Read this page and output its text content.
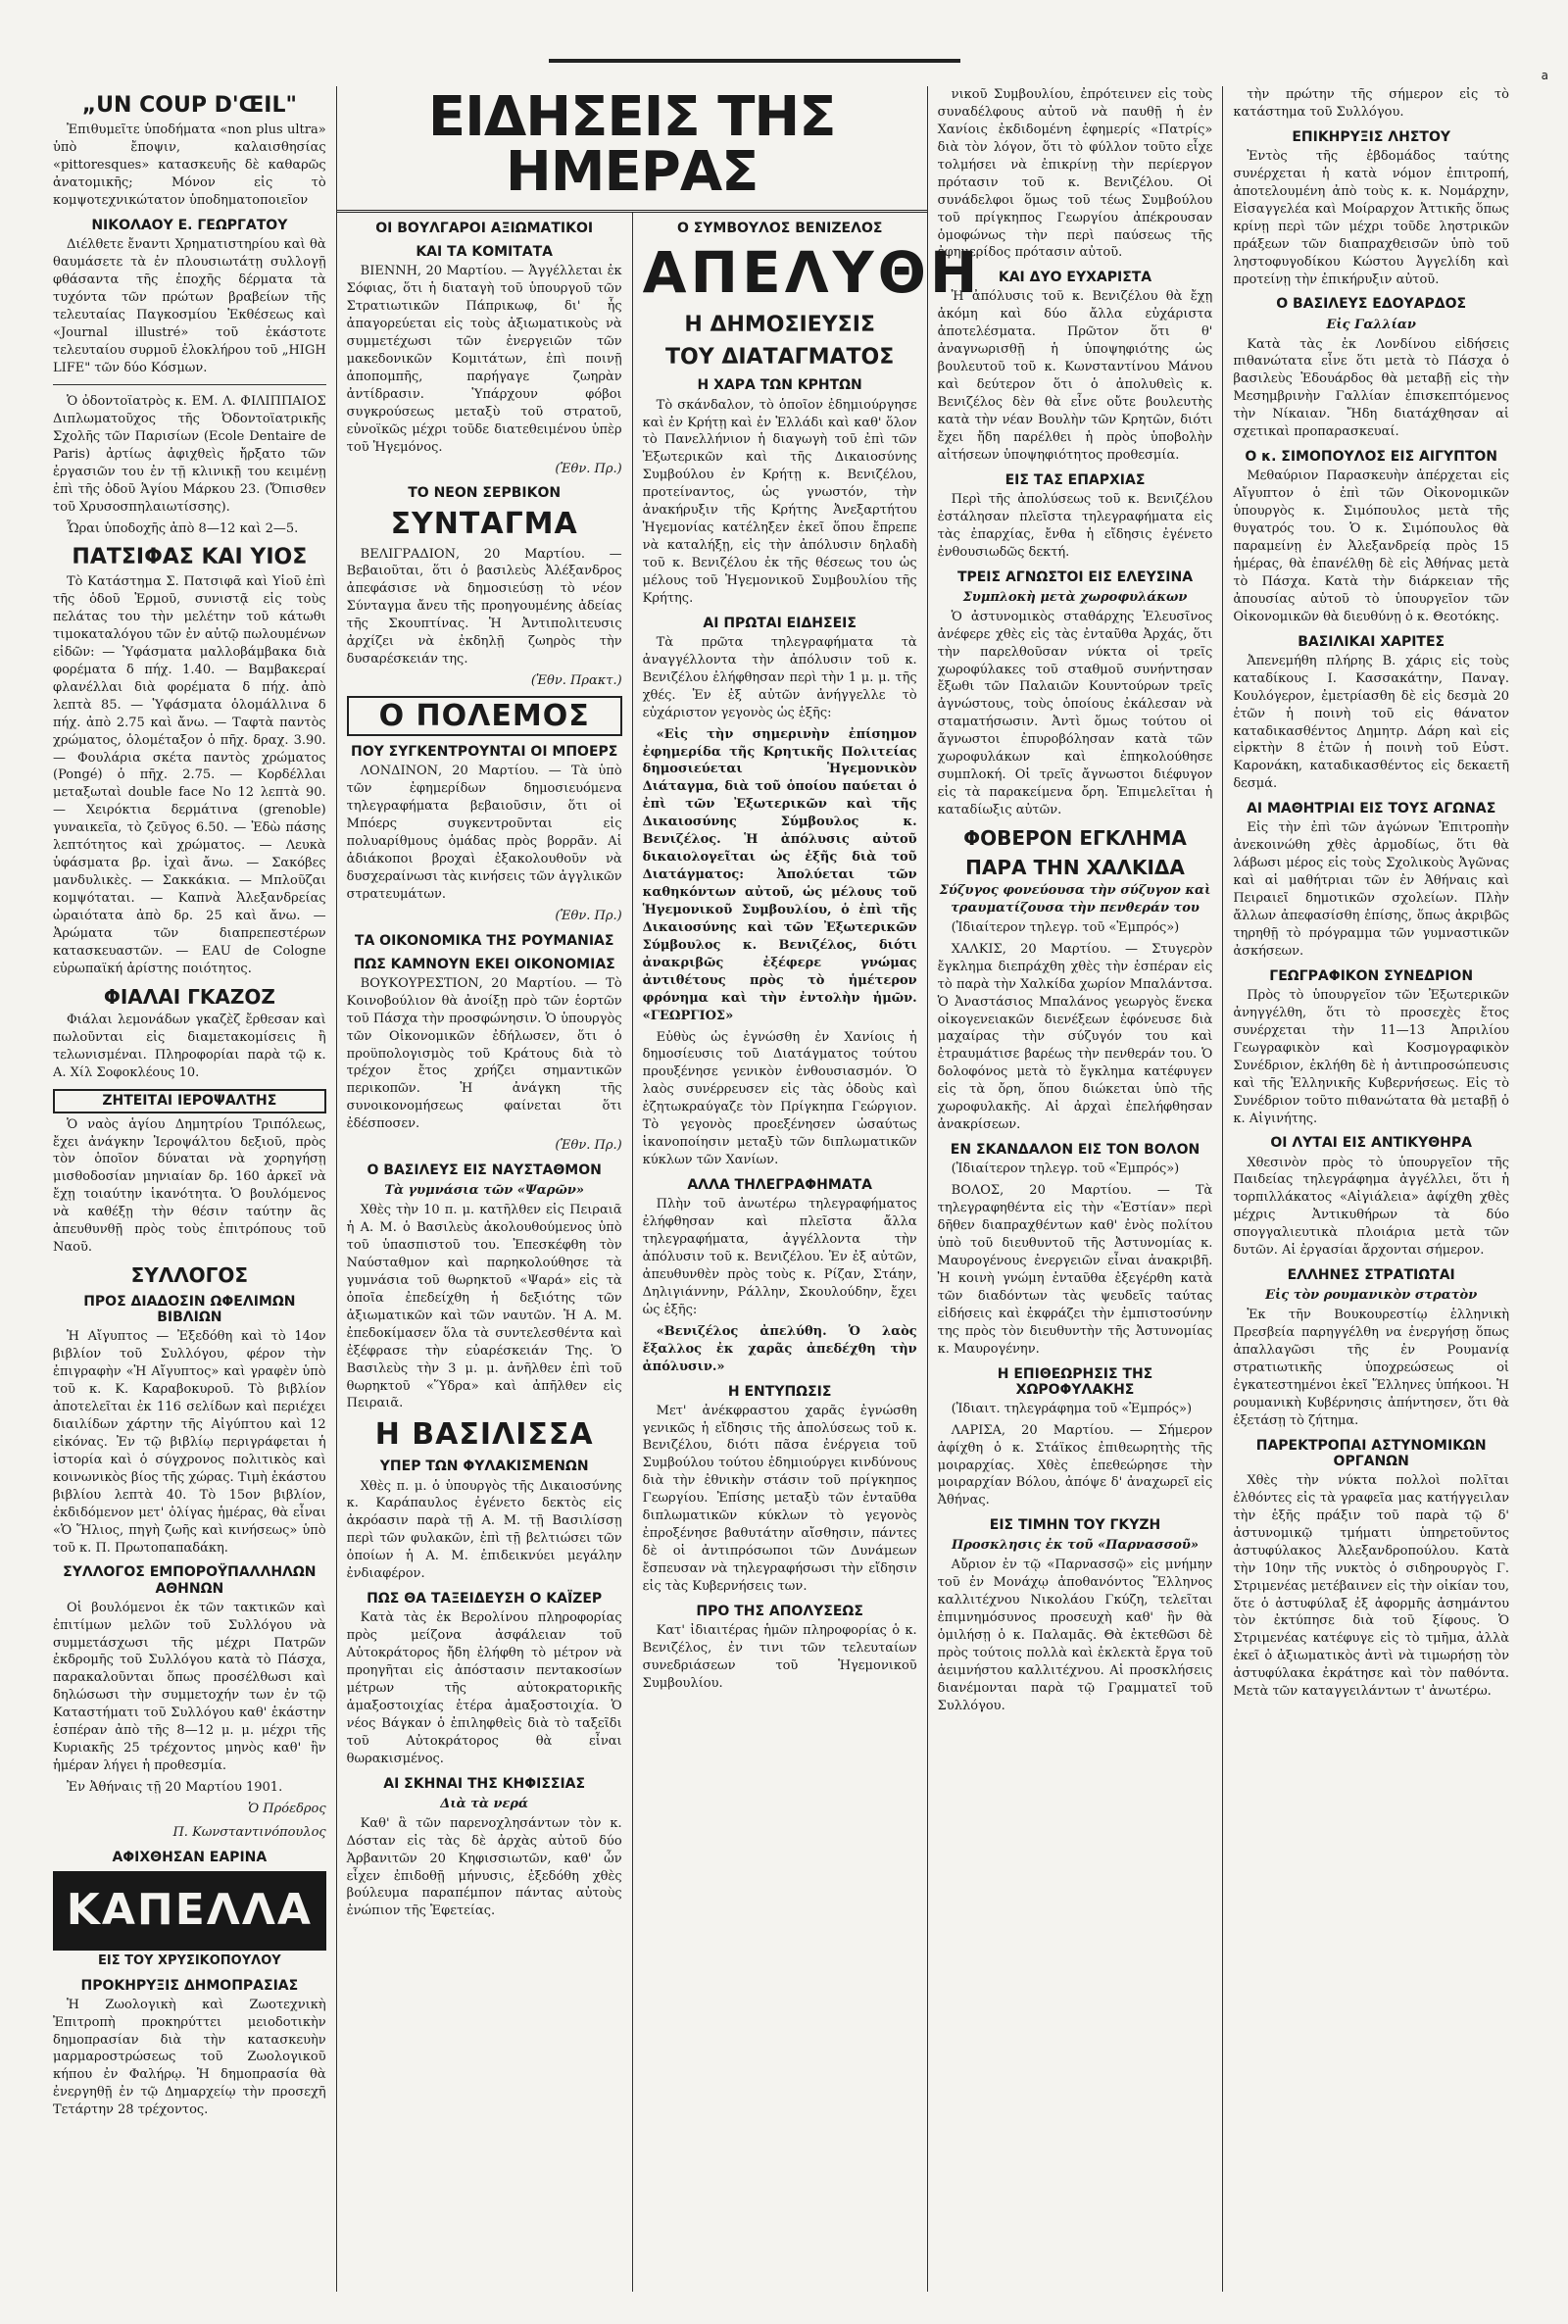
a
„UN COUP D'ŒIL"

Ἐπιθυμεῖτε ὑποδήματα «non plus ultra» ὑπὸ ἔποψιν, καλαισθησίας «pittoresques» κατασκευῆς δὲ καθαρῶς ἀνατομικῆς; Μόνον εἰς τὸ κομψοτεχνικώτατον ὑποδηματοποιεῖον

ΝΙΚΟΛΑΟΥ Ε. ΓΕΩΡΓΑΤΟΥ

Διέλθετε ἔναντι Χρηματιστηρίου καὶ θὰ θαυμάσετε τὰ ἐν πλουσιωτάτῃ συλλογῇ φθάσαντα τῆς ἐποχῆς δέρματα τὰ τυχόντα τῶν πρώτων βραβείων τῆς τελευταίας Παγκοσμίου Ἐκθέσεως καὶ «Journal illustré» τοῦ ἑκάστοτε τελευταίου συρμοῦ ἐλοκλήρου τοῦ „HIGH LIFE" τῶν δύο Κόσμων.

Ὁ ὀδοντοϊατρὸς κ. ΕΜ. Λ. ΦΙΛΙΠΠΑΙΟΣ Διπλωματοῦχος τῆς Ὀδοντοϊατρικῆς Σχολῆς τῶν Παρισίων (Ecole Dentaire de Paris) ἀρτίως ἀφιχθεὶς ἤρξατο τῶν ἐργασιῶν του ἐν τῇ κλινικῇ του κειμένῃ ἐπὶ τῆς ὁδοῦ Ἁγίου Μάρκου 23. (Ὄπισθεν τοῦ Χρυσοσπηλαιωτίσσης).

Ὧραι ὑποδοχῆς ἀπὸ 8—12 καὶ 2—5.

ΠΑΤΣΙΦΑΣ ΚΑΙ ΥΙΟΣ

Τὸ Κατάστημα Σ. Πατσιφᾶ καὶ Υἱοῦ ἐπὶ τῆς ὁδοῦ Ἑρμοῦ, συνιστᾷ εἰς τοὺς πελάτας του τὴν μελέτην τοῦ κάτωθι τιμοκαταλόγου τῶν ἐν αὐτῷ πωλουμένων εἰδῶν: — Ὑφάσματα μαλλοβάμβακα διὰ φορέματα δ πήχ. 1.40. — Βαμβακεραί φλανέλλαι διὰ φορέματα δ πήχ. ἀπὸ λεπτὰ 85. — Ὑφάσματα ὁλομάλλινα δ πήχ. ἀπὸ 2.75 καὶ ἄνω. — Ταφτὰ παντὸς χρώματος, ὁλομέταξον ὁ πῆχ. δραχ. 3.90. — Φουλάρια σκέτα παντὸς χρώματος (Pongé) ὁ πῆχ. 2.75. — Κορδέλλαι μεταξωταὶ double face No 12 λεπτὰ 90. — Χειρόκτια δερμάτινα (grenoble) γυναικεῖα, τὸ ζεῦγος 6.50. — Ἐδὼ πάσης λεπτότητος καὶ χρώματος. — Λευκὰ ὑφάσματα βρ. ἰχαὶ ἄνω. — Σακόβες μανδυλικὲς. — Σακκάκια. — Μπλοῦζαι κομψόταται. — Καπνὰ Ἀλεξανδρείας ὠραιότατα ἀπὸ δρ. 25 καὶ ἄνω. — Ἀρώματα τῶν διαπρεπεστέρων κατασκευαστῶν. — EAU de Cologne εὐρωπαϊκή ἀρίστης ποιότητος.

ΦΙΑΛΑΙ ΓΚΑΖΟΖ

Φιάλαι λεμονάδων γκαζὲζ ἔρθεσαν καὶ πωλοῦνται εἰς διαμετακομίσεις ἢ τελωνισμέναι. Πληροφορίαι παρὰ τῷ κ. Α. Χίλ Σοφοκλέους 10.

ΖΗΤΕΙΤΑΙ ΙΕΡΟΨΑΛΤΗΣ

Ὁ ναὸς ἁγίου Δημητρίου Τριπόλεως, ἔχει ἀνάγκην Ἱεροψάλτου δεξιοῦ, πρὸς τὸν ὁποῖον δύναται νὰ χορηγήσῃ μισθοδοσίαν μηνιαίαν δρ. 160 ἀρκεῖ νὰ ἔχῃ τοιαύτην ἱκανότητα. Ὁ βουλόμενος νὰ καθέξῃ τὴν θέσιν ταύτην ἂς ἀπευθυνθῇ πρὸς τοὺς ἐπιτρόπους τοῦ Ναοῦ.

ΣΥΛΛΟΓΟΣ
ΠΡΟΣ ΔΙΑΔΟΣΙΝ ΩΦΕΛΙΜΩΝ ΒΙΒΛΙΩΝ

Ἡ Αἴγυπτος — Ἐξεδόθη καὶ τὸ 14ον βιβλίον τοῦ Συλλόγου, φέρον τὴν ἐπιγραφὴν «Ἡ Αἴγυπτος» καὶ γραφὲν ὑπὸ τοῦ κ. Κ. Καραβοκυροῦ. Τὸ βιβλίον ἀποτελεῖται ἐκ 116 σελίδων καὶ περιέχει διαιλίδων χάρτην τῆς Αἰγύπτου καὶ 12 εἰκόνας. Ἐν τῷ βιβλίῳ περιγράφεται ἡ ἱστορία καὶ ὁ σύγχρονος πολιτικὸς καὶ κοινωνικὸς βίος τῆς χώρας. Τιμὴ ἑκάστου βιβλίου λεπτὰ 40. Τὸ 15ον βιβλίον, ἐκδιδόμενον μετ' ὀλίγας ἡμέρας, θὰ εἶναι «Ὁ Ἥλιος, πηγὴ ζωῆς καὶ κινήσεως» ὑπὸ τοῦ κ. Π. Πρωτοπαπαδάκη.

ΣΥΛΛΟΓΟΣ ΕΜΠΟΡΟΫΠΑΛΛΗΛΩΝ ΑΘΗΝΩΝ

Οἱ βουλόμενοι ἐκ τῶν τακτικῶν καὶ ἐπιτίμων μελῶν τοῦ Συλλόγου νὰ συμμετάσχωσι τῆς μέχρι Πατρῶν ἐκδρομῆς τοῦ Συλλόγου κατὰ τὸ Πάσχα, παρακαλοῦνται ὅπως προσέλθωσι καὶ δηλώσωσι τὴν συμμετοχήν των ἐν τῷ Καταστήματι τοῦ Συλλόγου καθ' ἑκάστην ἑσπέραν ἀπὸ τῆς 8—12 μ. μ. μέχρι τῆς Κυριακῆς 25 τρέχοντος μηνὸς καθ' ἣν ἡμέραν λήγει ἡ προθεσμία.

Ἐν Ἀθήναις τῇ 20 Μαρτίου 1901.

Ὁ Πρόεδρος
Π. Κωνσταντινόπουλος
ΑΦΙΧΘΗΣΑΝ ΕΑΡΙΝΑ
ΚΑΠΕΛΛΑ
ΕΙΣ ΤΟΥ ΧΡΥΣΙΚΟΠΟΥΛΟΥ
ΠΡΟΚΗΡΥΞΙΣ ΔΗΜΟΠΡΑΣΙΑΣ

Ἡ Ζωολογικὴ καὶ Ζωοτεχνικὴ Ἐπιτροπὴ προκηρύττει μειοδοτικὴν δημοπρασίαν διὰ τὴν κατασκευὴν μαρμαροστρώσεως τοῦ Ζωολογικοῦ κήπου ἐν Φαλήρῳ. Ἡ δημοπρασία θὰ ἐνεργηθῇ ἐν τῷ Δημαρχείῳ τὴν προσεχῆ Τετάρτην 28 τρέχοντος.

ΕΙΔΗΣΕΙΣ ΤΗΣ ΗΜΕΡΑΣ
ΟΙ ΒΟΥΛΓΑΡΟΙ ΑΞΙΩΜΑΤΙΚΟΙ
ΚΑΙ ΤΑ ΚΟΜΙΤΑΤΑ

ΒΙΕΝΝΗ, 20 Μαρτίου. — Ἀγγέλλεται ἐκ Σόφιας, ὅτι ἡ διαταγὴ τοῦ ὑπουργοῦ τῶν Στρατιωτικῶν Πάπρικωφ, δι' ἧς ἀπαγορεύεται εἰς τοὺς ἀξιωματικοὺς νὰ συμμετέχωσι τῶν ἐνεργειῶν τῶν μακεδονικῶν Κομιτάτων, ἐπὶ ποινῇ ἀποπομπῆς, παρήγαγε ζωηρὰν ἀντίδρασιν. Ὑπάρχουν φόβοι συγκρούσεως μεταξὺ τοῦ στρατοῦ, εὐνοϊκῶς μέχρι τοῦδε διατεθειμένου ὑπὲρ τοῦ Ἡγεμόνος.

(Ἐθν. Πρ.)
ΤΟ ΝΕΟΝ ΣΕΡΒΙΚΟΝ
ΣΥΝΤΑΓΜΑ

ΒΕΛΙΓΡΑΔΙΟΝ, 20 Μαρτίου. — Βεβαιοῦται, ὅτι ὁ βασιλεὺς Ἀλέξανδρος ἀπεφάσισε νὰ δημοσιεύσῃ τὸ νέον Σύνταγμα ἄνευ τῆς προηγουμένης ἀδείας τῆς Σκουπτίνας. Ἡ Ἀντιπολιτευσις ἀρχίζει νὰ ἐκδηλῇ ζωηρὸς τὴν δυσαρέσκειάν της.

(Ἐθν. Πρακτ.)
Ο ΠΟΛΕΜΟΣ
ΠΟΥ ΣΥΓΚΕΝΤΡΟΥΝΤΑΙ ΟΙ ΜΠΟΕΡΣ

ΛΟΝΔΙΝΟΝ, 20 Μαρτίου. — Τὰ ὑπὸ τῶν ἐφημερίδων δημοσιευόμενα τηλεγραφήματα βεβαιοῦσιν, ὅτι οἱ Μπόερς συγκεντροῦνται εἰς πολυαρίθμους ὁμάδας πρὸς βορρᾶν. Αἱ ἀδιάκοποι βροχαὶ ἐξακολουθοῦν νὰ δυσχεραίνωσι τὰς κινήσεις τῶν ἀγγλικῶν στρατευμάτων.

(Ἐθν. Πρ.)
ΤΑ ΟΙΚΟΝΟΜΙΚΑ ΤΗΣ ΡΟΥΜΑΝΙΑΣ
ΠΩΣ ΚΑΜΝΟΥΝ ΕΚΕΙ ΟΙΚΟΝΟΜΙΑΣ

ΒΟΥΚΟΥΡΕΣΤΙΟΝ, 20 Μαρτίου. — Τὸ Κοινοβούλιον θὰ ἀνοίξῃ πρὸ τῶν ἑορτῶν τοῦ Πάσχα τὴν προσφώνησιν. Ὁ ὑπουργὸς τῶν Οἰκονομικῶν ἐδήλωσεν, ὅτι ὁ προϋπολογισμὸς τοῦ Κράτους διὰ τὸ τρέχον ἔτος χρήζει σημαντικῶν περικοπῶν. Ἡ ἀνάγκη τῆς συνοικονομήσεως φαίνεται ὅτι ἐδέσποσεν.

(Ἐθν. Πρ.)
Ο ΒΑΣΙΛΕΥΣ ΕΙΣ ΝΑΥΣΤΑΘΜΟΝ
Τὰ γυμνάσια τῶν «Ψαρῶν»

Χθὲς τὴν 10 π. μ. κατῆλθεν εἰς Πειραιᾶ ἡ Α. Μ. ὁ Βασιλεὺς ἀκολουθούμενος ὑπὸ τοῦ ὑπασπιστοῦ του. Ἐπεσκέφθη τὸν Ναύσταθμον καὶ παρηκολούθησε τὰ γυμνάσια τοῦ θωρηκτοῦ «Ψαρά» εἰς τὰ ὁποῖα ἐπεδείχθη ἡ δεξιότης τῶν ἀξιωματικῶν καὶ τῶν ναυτῶν. Ἡ Α. Μ. ἐπεδοκίμασεν ὅλα τὰ συντελεσθέντα καὶ ἐξέφρασε τὴν εὐαρέσκειάν Της. Ὁ Βασιλεὺς τὴν 3 μ. μ. ἀνῆλθεν ἐπὶ τοῦ θωρηκτοῦ «Ὕδρα» καὶ ἀπῆλθεν εἰς Πειραιᾶ.

Η ΒΑΣΙΛΙΣΣΑ
ΥΠΕΡ ΤΩΝ ΦΥΛΑΚΙΣΜΕΝΩΝ

Χθὲς π. μ. ὁ ὑπουργὸς τῆς Δικαιοσύνης κ. Καράπαυλος ἐγένετο δεκτὸς εἰς ἀκρόασιν παρὰ τῇ Α. Μ. τῇ Βασιλίσσῃ περὶ τῶν φυλακῶν, ἐπὶ τῇ βελτιώσει τῶν ὁποίων ἡ Α. Μ. ἐπιδεικνύει μεγάλην ἐνδιαφέρον.

ΠΩΣ ΘΑ ΤΑΞΕΙΔΕΥΣΗ Ο ΚΑΪΖΕΡ

Κατὰ τὰς ἐκ Βερολίνου πληροφορίας πρὸς μείζονα ἀσφάλειαν τοῦ Αὐτοκράτορος ἤδη ἐλήφθη τὸ μέτρον νὰ προηγῆται εἰς ἀπόστασιν πεντακοσίων μέτρων τῆς αὐτοκρατορικῆς ἁμαξοστοιχίας ἑτέρα ἁμαξοστοιχία. Ὁ νέος Βάγκαν ὁ ἐπιληφθεὶς διὰ τὸ ταξεῖδι τοῦ Αὐτοκράτορος θὰ εἶναι θωρακισμένος.

ΑΙ ΣΚΗΝΑΙ ΤΗΣ ΚΗΦΙΣΣΙΑΣ
Διὰ τὰ νερά

Καθ' ἃ τῶν παρενοχλησάντων τὸν κ. Δόσταν εἰς τὰς δὲ ἀρχὰς αὐτοῦ δύο Ἀρβανιτῶν 20 Κηφισσιωτῶν, καθ' ὧν εἶχεν ἐπιδοθῇ μήνυσις, ἐξεδόθη χθὲς βούλευμα παραπέμπον πάντας αὐτοὺς ἐνώπιον τῆς Ἐφετείας.

Ο ΣΥΜΒΟΥΛΟΣ ΒΕΝΙΖΕΛΟΣ
ΑΠΕΛΥΘΗ
Η ΔΗΜΟΣΙΕΥΣΙΣ
ΤΟΥ ΔΙΑΤΑΓΜΑΤΟΣ
Η ΧΑΡΑ ΤΩΝ ΚΡΗΤΩΝ

Τὸ σκάνδαλον, τὸ ὁποῖον ἐδημιούργησε καὶ ἐν Κρήτῃ καὶ ἐν Ἑλλάδι καὶ καθ' ὅλον τὸ Πανελλήνιον ἡ διαγωγὴ τοῦ ἐπὶ τῶν Ἐξωτερικῶν καὶ τῆς Δικαιοσύνης Συμβούλου ἐν Κρήτῃ κ. Βενιζέλου, προτείναντος, ὡς γνωστόν, τὴν ἀνακήρυξιν τῆς Κρήτης Ἀνεξαρτήτου Ἡγεμονίας κατέληξεν ἐκεῖ ὅπου ἔπρεπε νὰ καταλήξῃ, εἰς τὴν ἀπόλυσιν δηλαδὴ τοῦ κ. Βενιζέλου ἐκ τῆς θέσεως του ὡς μέλους τοῦ Ἡγεμονικοῦ Συμβουλίου τῆς Κρήτης.

ΑΙ ΠΡΩΤΑΙ ΕΙΔΗΣΕΙΣ

Τὰ πρῶτα τηλεγραφήματα τὰ ἀναγγέλλοντα τὴν ἀπόλυσιν τοῦ κ. Βενιζέλου ἐλήφθησαν περὶ τὴν 1 μ. μ. τῆς χθές. Ἐν ἐξ αὐτῶν ἀνήγγελλε τὸ εὐχάριστον γεγονὸς ὡς ἑξῆς:

«Εἰς τὴν σημερινὴν ἐπίσημον ἐφημερίδα τῆς Κρητικῆς Πολιτείας δημοσιεύεται Ἡγεμονικὸν Διάταγμα, διὰ τοῦ ὁποίου παύεται ὁ ἐπὶ τῶν Ἐξωτερικῶν καὶ τῆς Δικαιοσύνης Σύμβουλος κ. Βενιζέλος. Ἡ ἀπόλυσις αὐτοῦ δικαιολογεῖται ὡς ἑξῆς διὰ τοῦ Διατάγματος: Ἀπολύεται τῶν καθηκόντων αὐτοῦ, ὡς μέλους τοῦ Ἡγεμονικοῦ Συμβουλίου, ὁ ἐπὶ τῆς Δικαιοσύνης καὶ τῶν Ἐξωτερικῶν Σύμβουλος κ. Βενιζέλος, διότι ἀνακριβῶς ἐξέφερε γνώμας ἀντιθέτους πρὸς τὸ ἡμέτερον φρόνημα καὶ τὴν ἐντολὴν ἡμῶν. «ΓΕΩΡΓΙΟΣ»

Εὐθὺς ὡς ἐγνώσθη ἐν Χανίοις ἡ δημοσίευσις τοῦ Διατάγματος τούτου προυξένησε γενικὸν ἐνθουσιασμόν. Ὁ λαὸς συνέρρευσεν εἰς τὰς ὁδοὺς καὶ ἐζητωκραύγαζε τὸν Πρίγκηπα Γεώργιον. Τὸ γεγονὸς προεξένησεν ὡσαύτως ἱκανοποίησιν μεταξὺ τῶν διπλωματικῶν κύκλων τῶν Χανίων.

ΑΛΛΑ ΤΗΛΕΓΡΑΦΗΜΑΤΑ

Πλὴν τοῦ ἀνωτέρω τηλεγραφήματος ἐλήφθησαν καὶ πλεῖστα ἄλλα τηλεγραφήματα, ἀγγέλλοντα τὴν ἀπόλυσιν τοῦ κ. Βενιζέλου. Ἐν ἐξ αὐτῶν, ἀπευθυνθὲν πρὸς τοὺς κ. Ρίζαν, Στάην, Δηλιγιάννην, Ράλλην, Σκουλούδην, ἔχει ὡς ἑξῆς:

«Βενιζέλος ἀπελύθη. Ὁ λαὸς ἔξαλλος ἐκ χαρᾶς ἀπεδέχθη τὴν ἀπόλυσιν.»

Η ΕΝΤΥΠΩΣΙΣ

Μετ' ἀνέκφραστου χαρᾶς ἐγνώσθη γενικῶς ἡ εἴδησις τῆς ἀπολύσεως τοῦ κ. Βενιζέλου, διότι πᾶσα ἐνέργεια τοῦ Συμβούλου τούτου ἐδημιούργει κινδύνους διὰ τὴν ἐθνικὴν στάσιν τοῦ πρίγκηπος Γεωργίου. Ἐπίσης μεταξὺ τῶν ἐνταῦθα διπλωματικῶν κύκλων τὸ γεγονὸς ἐπροξένησε βαθυτάτην αἴσθησιν, πάντες δὲ οἱ ἀντιπρόσωποι τῶν Δυνάμεων ἔσπευσαν νὰ τηλεγραφήσωσι τὴν εἴδησιν εἰς τὰς Κυβερνήσεις των.

ΠΡΟ ΤΗΣ ΑΠΟΛΥΣΕΩΣ

Κατ' ἰδιαιτέρας ἡμῶν πληροφορίας ὁ κ. Βενιζέλος, ἐν τινι τῶν τελευταίων συνεδριάσεων τοῦ Ἡγεμονικοῦ Συμβουλίου.

νικοῦ Συμβουλίου, ἐπρότεινεν εἰς τοὺς συναδέλφους αὐτοῦ νὰ παυθῇ ἡ ἐν Χανίοις ἐκδιδομένη ἐφημερίς «Πατρίς» διὰ τὸν λόγον, ὅτι τὸ φύλλον τοῦτο εἶχε τολμήσει νὰ ἐπικρίνῃ τὴν περίεργον πρότασιν τοῦ κ. Βενιζέλου. Οἱ συνάδελφοι ὅμως τοῦ τέως Συμβούλου τοῦ πρίγκηπος Γεωργίου ἀπέκρουσαν ὁμοφώνως τὴν περὶ παύσεως τῆς ἐφημερίδος πρότασιν αὐτοῦ.

ΚΑΙ ΔΥΟ ΕΥΧΑΡΙΣΤΑ

Ἡ ἀπόλυσις τοῦ κ. Βενιζέλου θὰ ἔχῃ ἀκόμη καὶ δύο ἄλλα εὐχάριστα ἀποτελέσματα. Πρῶτον ὅτι θ' ἀναγνωρισθῇ ἡ ὑποψηφιότης ὡς βουλευτοῦ τοῦ κ. Κωνσταντίνου Μάνου καὶ δεύτερον ὅτι ὁ ἀπολυθεὶς κ. Βενιζέλος δὲν θὰ εἶνε οὔτε βουλευτὴς κατὰ τὴν νέαν Βουλὴν τῶν Κρητῶν, διότι ἔχει ἤδη παρέλθει ἡ πρὸς ὑποβολὴν αἰτήσεων ὑποψηφιότητος προθεσμία.

ΕΙΣ ΤΑΣ ΕΠΑΡΧΙΑΣ

Περὶ τῆς ἀπολύσεως τοῦ κ. Βενιζέλου ἐστάλησαν πλεῖστα τηλεγραφήματα εἰς τὰς ἐπαρχίας, ἔνθα ἡ εἴδησις ἐγένετο ἐνθουσιωδῶς δεκτή.

ΤΡΕΙΣ ΑΓΝΩΣΤΟΙ ΕΙΣ ΕΛΕΥΣΙΝΑ
Συμπλοκὴ μετὰ χωροφυλάκων

Ὁ ἀστυνομικὸς σταθάρχης Ἐλευσῖνος ἀνέφερε χθὲς εἰς τὰς ἐνταῦθα Ἀρχάς, ὅτι τὴν παρελθοῦσαν νύκτα οἱ τρεῖς χωροφύλακες τοῦ σταθμοῦ συνήντησαν ἔξωθι τῶν Παλαιῶν Κουντούρων τρεῖς ἀγνώστους, τοὺς ὁποίους ἐκάλεσαν νὰ σταματήσωσιν. Ἀντὶ ὅμως τούτου οἱ ἄγνωστοι ἐπυροβόλησαν κατὰ τῶν χωροφυλάκων καὶ ἐπηκολούθησε συμπλοκή. Οἱ τρεῖς ἄγνωστοι διέφυγον εἰς τὰ παρακείμενα ὄρη. Ἐπιμελεῖται ἡ καταδίωξις αὐτῶν.

ΦΟΒΕΡΟΝ ΕΓΚΛΗΜΑ
ΠΑΡΑ ΤΗΝ ΧΑΛΚΙΔΑ
Σύζυγος φονεύουσα τὴν σύζυγον καὶ τραυματίζουσα τὴν πενθεράν του

(Ἰδιαίτερον τηλεγρ. τοῦ «Ἐμπρός»)

ΧΑΛΚΙΣ, 20 Μαρτίου. — Στυγερὸν ἔγκλημα διεπράχθη χθὲς τὴν ἑσπέραν εἰς τὸ παρὰ τὴν Χαλκίδα χωρίον Μπαλάντσα. Ὁ Ἀναστάσιος Μπαλάνος γεωργὸς ἕνεκα οἰκογενειακῶν διενέξεων ἐφόνευσε διὰ μαχαίρας τὴν σύζυγόν του καὶ ἐτραυμάτισε βαρέως τὴν πενθεράν του. Ὁ δολοφόνος μετὰ τὸ ἔγκλημα κατέφυγεν εἰς τὰ ὄρη, ὅπου διώκεται ὑπὸ τῆς χωροφυλακῆς. Αἱ ἀρχαὶ ἐπελήφθησαν ἀνακρίσεων.

ΕΝ ΣΚΑΝΔΑΛΟΝ ΕΙΣ ΤΟΝ ΒΟΛΟΝ

(Ἰδιαίτερον τηλεγρ. τοῦ «Ἐμπρός»)

ΒΟΛΟΣ, 20 Μαρτίου. — Τὰ τηλεγραφηθέντα εἰς τὴν «Ἑστίαν» περὶ δῆθεν διαπραχθέντων καθ' ἐνὸς πολίτου ὑπὸ τοῦ διευθυντοῦ τῆς Ἀστυνομίας κ. Μαυρογένους ἐνεργειῶν εἶναι ἀνακριβῆ. Ἡ κοινὴ γνώμη ἐνταῦθα ἐξεγέρθη κατὰ τῶν διαδόντων τὰς ψευδεῖς ταύτας εἰδήσεις καὶ ἐκφράζει τὴν ἐμπιστοσύνην της πρὸς τὸν διευθυντὴν τῆς Ἀστυνομίας κ. Μαυρογένην.

Η ΕΠΙΘΕΩΡΗΣΙΣ ΤΗΣ ΧΩΡΟΦΥΛΑΚΗΣ

(Ἰδιαιτ. τηλεγράφημα τοῦ «Ἐμπρός»)

ΛΑΡΙΣΑ, 20 Μαρτίου. — Σήμερον ἀφίχθη ὁ κ. Στάϊκος ἐπιθεωρητὴς τῆς μοιραρχίας. Χθὲς ἐπεθεώρησε τὴν μοιραρχίαν Βόλου, ἀπόψε δ' ἀναχωρεῖ εἰς Ἀθήνας.

ΕΙΣ ΤΙΜΗΝ ΤΟΥ ΓΚΥΖΗ
Προσκλησις ἐκ τοῦ «Παρνασσοῦ»

Αὔριον ἐν τῷ «Παρνασσῷ» εἰς μνήμην τοῦ ἐν Μονάχῳ ἀποθανόντος Ἕλληνος καλλιτέχνου Νικολάου Γκύζη, τελεῖται ἐπιμνημόσυνος προσευχὴ καθ' ἣν θὰ ὁμιλήσῃ ὁ κ. Παλαμᾶς. Θὰ ἐκτεθῶσι δὲ πρὸς τούτοις πολλὰ καὶ ἐκλεκτὰ ἔργα τοῦ ἀειμνήστου καλλιτέχνου. Αἱ προσκλήσεις διανέμονται παρὰ τῷ Γραμματεῖ τοῦ Συλλόγου.

τὴν πρώτην τῆς σήμερον εἰς τὸ κατάστημα τοῦ Συλλόγου.

ΕΠΙΚΗΡΥΞΙΣ ΛΗΣΤΟΥ

Ἐντὸς τῆς ἑβδομάδος ταύτης συνέρχεται ἡ κατὰ νόμον ἐπιτροπή, ἀποτελουμένη ἀπὸ τοὺς κ. κ. Νομάρχην, Εἰσαγγελέα καὶ Μοίραρχον Ἀττικῆς ὅπως κρίνῃ περὶ τῶν μέχρι τοῦδε ληστρικῶν πράξεων τῶν διαπραχθεισῶν ὑπὸ τοῦ ληστοφυγοδίκου Κώστου Ἀγγελίδη καὶ προτείνῃ τὴν ἐπικήρυξιν αὐτοῦ.

Ο ΒΑΣΙΛΕΥΣ ΕΔΟΥΑΡΔΟΣ
Εἰς Γαλλίαν

Κατὰ τὰς ἐκ Λονδίνου εἰδήσεις πιθανώτατα εἶνε ὅτι μετὰ τὸ Πάσχα ὁ βασιλεὺς Ἐδουάρδος θὰ μεταβῇ εἰς τὴν Μεσημβρινὴν Γαλλίαν ἐπισκεπτόμενος τὴν Νίκαιαν. Ἤδη διατάχθησαν αἱ σχετικαὶ προπαρασκευαί.

Ο κ. ΣΙΜΟΠΟΥΛΟΣ ΕΙΣ ΑΙΓΥΠΤΟΝ

Μεθαύριον Παρασκευὴν ἀπέρχεται εἰς Αἴγυπτον ὁ ἐπὶ τῶν Οἰκονομικῶν ὑπουργὸς κ. Σιμόπουλος μετὰ τῆς θυγατρός του. Ὁ κ. Σιμόπουλος θὰ παραμείνῃ ἐν Ἀλεξανδρείᾳ πρὸς 15 ἡμέρας, θὰ ἐπανέλθῃ δὲ εἰς Ἀθήνας μετὰ τὸ Πάσχα. Κατὰ τὴν διάρκειαν τῆς ἀπουσίας αὐτοῦ τὸ ὑπουργεῖον τῶν Οἰκονομικῶν θὰ διευθύνῃ ὁ κ. Θεοτόκης.

ΒΑΣΙΛΙΚΑΙ ΧΑΡΙΤΕΣ

Ἀπενεμήθη πλήρης Β. χάρις εἰς τοὺς καταδίκους Ι. Κασσακάτην, Παναγ. Κουλόγερον, ἐμετρίασθη δὲ εἰς δεσμὰ 20 ἐτῶν ἡ ποινὴ τοῦ εἰς θάνατον καταδικασθέντος Δημητρ. Δάρη καὶ εἰς εἱρκτὴν 8 ἐτῶν ἡ ποινὴ τοῦ Εὐστ. Καρονάκη, καταδικασθέντος εἰς δεκαετῆ δεσμά.

ΑΙ ΜΑΘΗΤΡΙΑΙ ΕΙΣ ΤΟΥΣ ΑΓΩΝΑΣ

Εἰς τὴν ἐπὶ τῶν ἀγώνων Ἐπιτροπὴν ἀνεκοινώθη χθὲς ἀρμοδίως, ὅτι θὰ λάβωσι μέρος εἰς τοὺς Σχολικοὺς Ἀγῶνας καὶ αἱ μαθήτριαι τῶν ἐν Ἀθήναις καὶ Πειραιεῖ δημοτικῶν σχολείων. Πλὴν ἄλλων ἀπεφασίσθη ἐπίσης, ὅπως ἀκριβῶς τηρηθῇ τὸ πρόγραμμα τῶν γυμναστικῶν ἀσκήσεων.

ΓΕΩΓΡΑΦΙΚΟΝ ΣΥΝΕΔΡΙΟΝ

Πρὸς τὸ ὑπουργεῖον τῶν Ἐξωτερικῶν ἀνηγγέλθη, ὅτι τὸ προσεχὲς ἔτος συνέρχεται τὴν 11—13 Ἀπριλίου Γεωγραφικὸν καὶ Κοσμογραφικὸν Συνέδριον, ἐκλήθη δὲ ἡ ἀντιπροσώπευσις καὶ τῆς Ἑλληνικῆς Κυβερνήσεως. Εἰς τὸ Συνέδριον τοῦτο πιθανώτατα θὰ μεταβῇ ὁ κ. Αἰγινήτης.

ΟΙ ΛΥΤΑΙ ΕΙΣ ΑΝΤΙΚΥΘΗΡΑ

Χθεσινὸν πρὸς τὸ ὑπουργεῖον τῆς Παιδείας τηλεγράφημα ἀγγέλλει, ὅτι ἡ τορπιλλάκατος «Αἰγιάλεια» ἀφίχθη χθὲς μέχρις Ἀντικυθήρων τὰ δύο σπογγαλιευτικὰ πλοιάρια μετὰ τῶν δυτῶν. Αἱ ἐργασίαι ἄρχονται σήμερον.

ΕΛΛΗΝΕΣ ΣΤΡΑΤΙΩΤΑΙ
Εἰς τὸν ρουμανικὸν στρατὸν

Ἐκ τῆν Βουκουρεστίῳ ἑλληνικὴ Πρεσβεία παρηγγέλθη να ἐνεργήσῃ ὅπως ἀπαλλαγῶσι τῆς ἐν Ρουμανίᾳ στρατιωτικῆς ὑποχρεώσεως οἱ ἐγκατεστημένοι ἐκεῖ Ἕλληνες ὑπήκοοι. Ἡ ρουμανικὴ Κυβέρνησις ἀπήντησεν, ὅτι θὰ ἐξετάσῃ τὸ ζήτημα.

ΠΑΡΕΚΤΡΟΠΑΙ ΑΣΤΥΝΟΜΙΚΩΝ ΟΡΓΑΝΩΝ

Χθὲς τὴν νύκτα πολλοὶ πολῖται ἐλθόντες εἰς τὰ γραφεῖα μας κατήγγειλαν τὴν ἑξῆς πράξιν τοῦ παρὰ τῷ δ' ἀστυνομικῷ τμήματι ὑπηρετοῦντος ἀστυφύλακος Ἀλεξανδροπούλου. Κατὰ τὴν 10ην τῆς νυκτὸς ὁ σιδηρουργὸς Γ. Στριμενέας μετέβαινεν εἰς τὴν οἰκίαν του, ὅτε ὁ ἀστυφύλαξ ἐξ ἀφορμῆς ἀσημάντου τὸν ἐκτύπησε διὰ τοῦ ξίφους. Ὁ Στριμενέας κατέφυγε εἰς τὸ τμῆμα, ἀλλὰ ἐκεῖ ὁ ἀξιωματικὸς ἀντὶ νὰ τιμωρήσῃ τὸν ἀστυφύλακα ἐκράτησε καὶ τὸν παθόντα. Μετὰ τῶν καταγγειλάντων τ' ἀνωτέρω.
